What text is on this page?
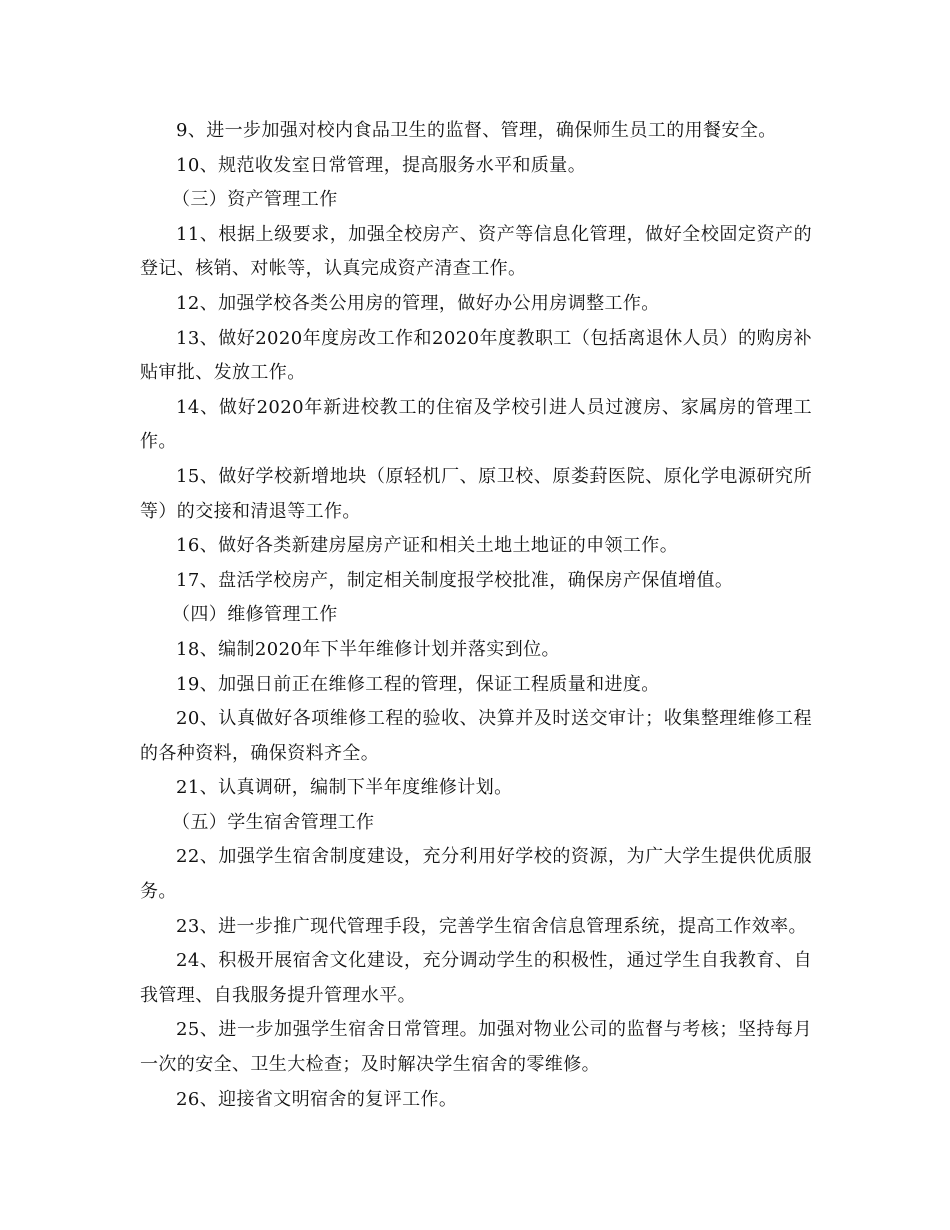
9、进一步加强对校内食品卫生的监督、管理，确保师生员工的用餐安全。

10、规范收发室日常管理，提高服务水平和质量。

（三）资产管理工作

11、根据上级要求，加强全校房产、资产等信息化管理，做好全校固定资产的登记、核销、对帐等，认真完成资产清查工作。

12、加强学校各类公用房的管理，做好办公用房调整工作。

13、做好2020年度房改工作和2020年度教职工（包括离退休人员）的购房补贴审批、发放工作。

14、做好2020年新进校教工的住宿及学校引进人员过渡房、家属房的管理工作。

15、做好学校新增地块（原轻机厂、原卫校、原娄葑医院、原化学电源研究所等）的交接和清退等工作。

16、做好各类新建房屋房产证和相关土地土地证的申领工作。

17、盘活学校房产，制定相关制度报学校批准，确保房产保值增值。

（四）维修管理工作

18、编制2020年下半年维修计划并落实到位。

19、加强日前正在维修工程的管理，保证工程质量和进度。

20、认真做好各项维修工程的验收、决算并及时送交审计；收集整理维修工程的各种资料，确保资料齐全。

21、认真调研，编制下半年度维修计划。

（五）学生宿舍管理工作

22、加强学生宿舍制度建设，充分利用好学校的资源，为广大学生提供优质服务。

23、进一步推广现代管理手段，完善学生宿舍信息管理系统，提高工作效率。

24、积极开展宿舍文化建设，充分调动学生的积极性，通过学生自我教育、自我管理、自我服务提升管理水平。

25、进一步加强学生宿舍日常管理。加强对物业公司的监督与考核；坚持每月一次的安全、卫生大检查；及时解决学生宿舍的零维修。

26、迎接省文明宿舍的复评工作。
